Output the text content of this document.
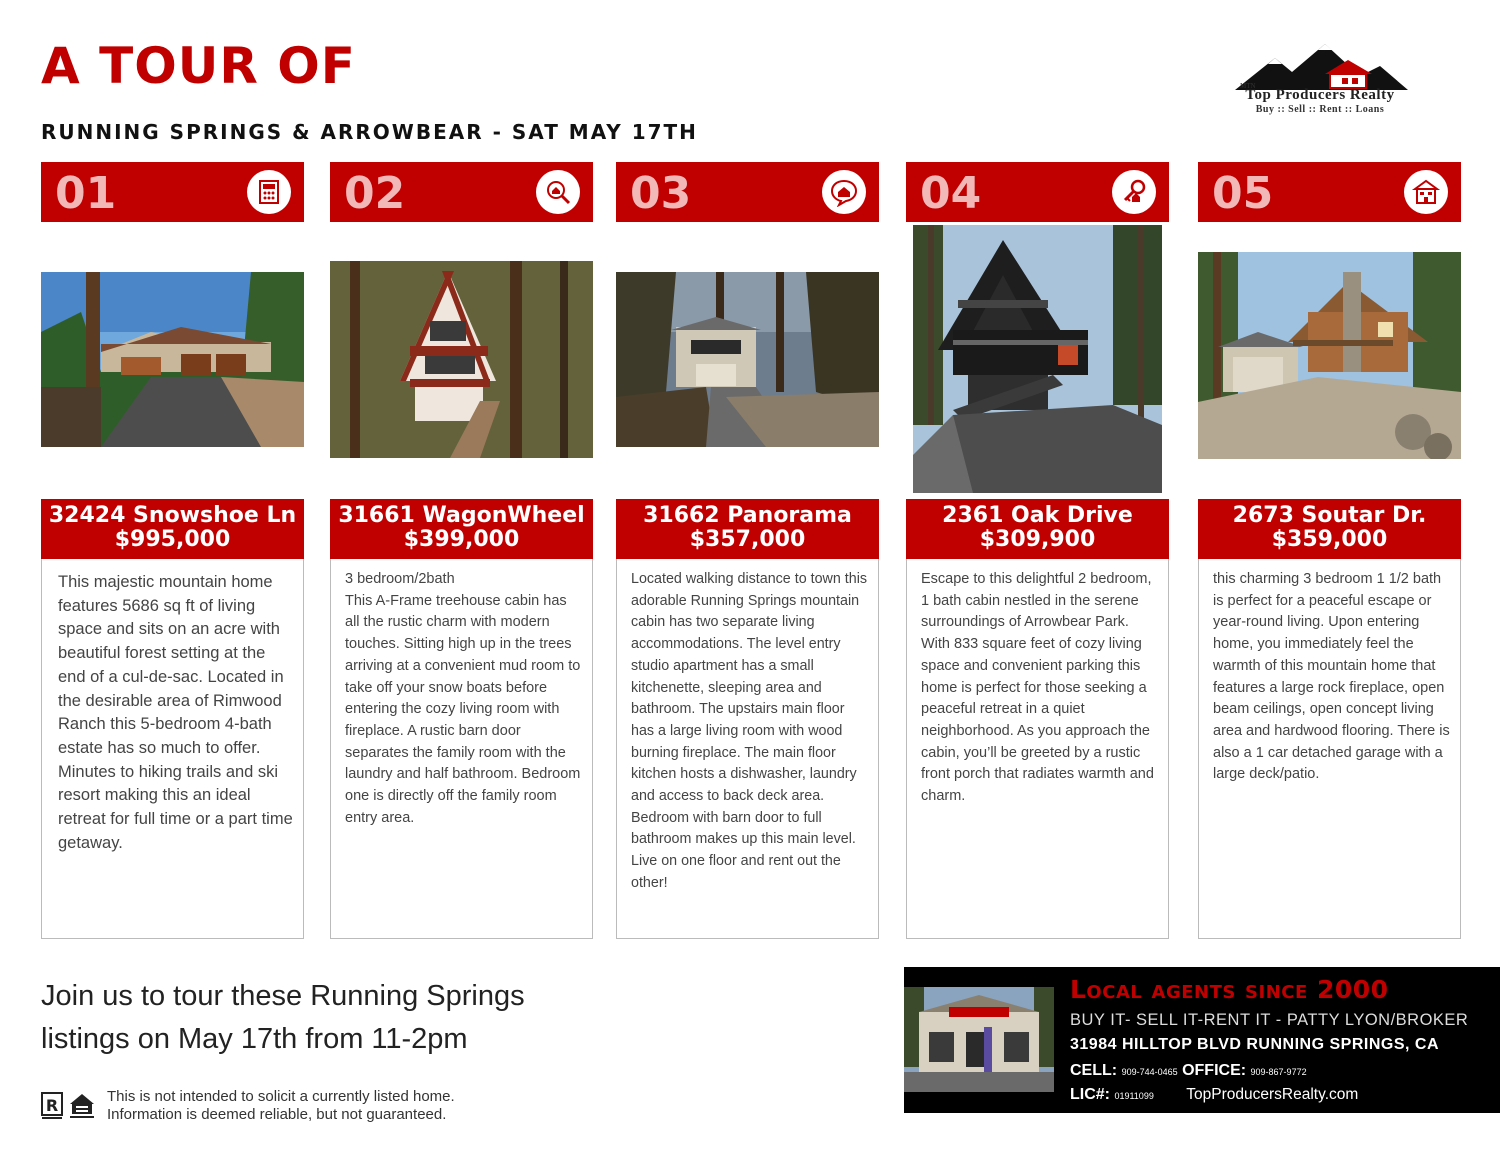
A TOUR OF
RUNNING SPRINGS & ARROWBEAR - SAT MAY 17TH
MTN
Top Producers Realty
Buy :: Sell :: Rent :: Loans
01
32424 Snowshoe Ln
$995,000
This majestic mountain home features 5686 sq ft of living space and sits on an acre with beautiful forest setting at the end of a cul-de-sac. Located in the desirable area of Rimwood Ranch this 5-bedroom 4-bath estate has so much to offer. Minutes to hiking trails and ski resort making this an ideal retreat for full time or a part time getaway.
02
31661 WagonWheel
$399,000
3 bedroom/2bath
This A-Frame treehouse cabin has all the rustic charm with modern touches. Sitting high up in the trees arriving at a convenient mud room to take off your snow boats before entering the cozy living room with fireplace. A rustic barn door separates the family room with the laundry and half bathroom. Bedroom one is directly off the family room entry area.
03
31662 Panorama
$357,000
Located walking distance to town this adorable Running Springs mountain cabin has two separate living accommodations. The level entry studio apartment has a small kitchenette, sleeping area and bathroom. The upstairs main floor has a large living room with wood burning fireplace. The main floor kitchen hosts a dishwasher, laundry and access to back deck area. Bedroom with barn door to full bathroom makes up this main level. Live on one floor and rent out the other!
04
2361 Oak Drive
$309,900
Escape to this delightful 2 bedroom, 1 bath cabin nestled in the serene surroundings of Arrowbear Park. With 833 square feet of cozy living space and convenient parking this home is perfect for those seeking a peaceful retreat in a quiet neighborhood. As you approach the cabin, you’ll be greeted by a rustic front porch that radiates warmth and charm.
05
2673 Soutar Dr.
$359,000
this charming 3 bedroom 1 1/2 bath is perfect for a peaceful escape or year-round living. Upon entering home, you immediately feel the warmth of this mountain home that features a large rock fireplace, open beam ceilings, open concept living area and hardwood flooring. There is also a 1 car detached garage with a large deck/patio.
Join us to tour these Running Springs
listings on May 17th from 11-2pm
R	This is not intended to solicit a currently listed home.
Information is deemed reliable, but not guaranteed.
Local agents since 2000
BUY IT- SELL IT-RENT IT - PATTY LYON/BROKER
31984 HILLTOP BLVD RUNNING SPRINGS, CA
CELL: 909-744-0465 OFFICE: 909-867-9772
LIC#: 01911099 TopProducersRealty.com
